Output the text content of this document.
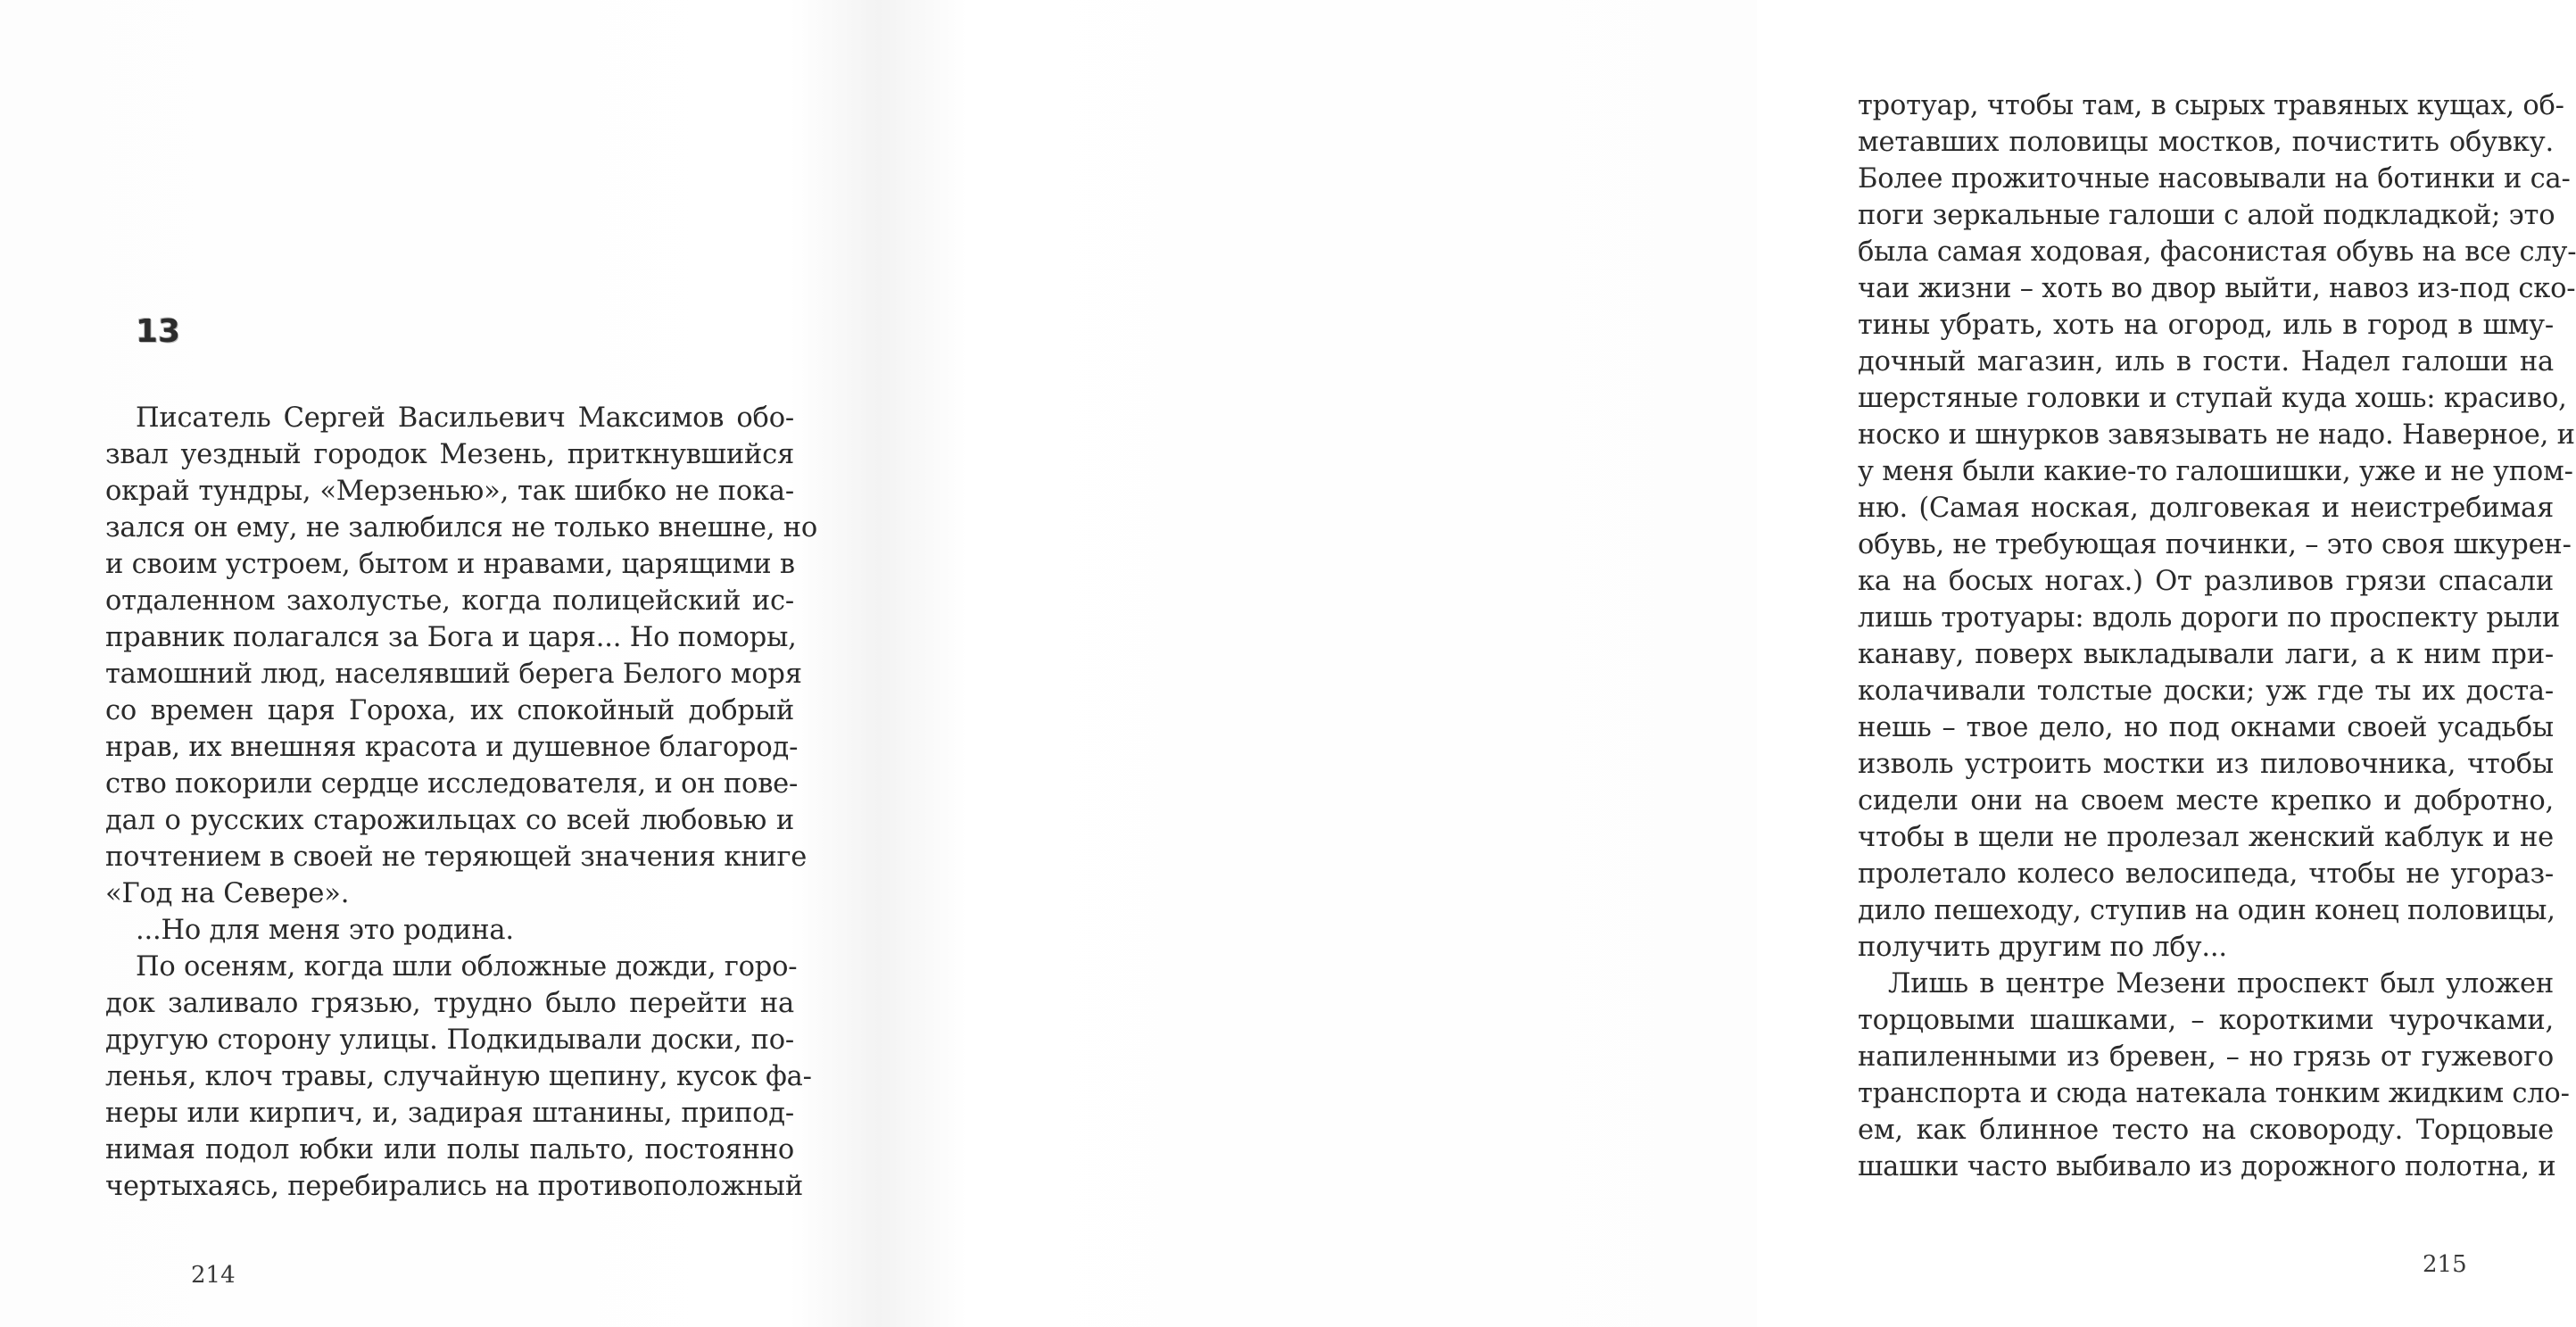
13
Писатель Сергей Васильевич Максимов обо-
звал уездный городок Мезень, приткнувшийся
окрай тундры, «Мерзенью», так шибко не пока-
зался он ему, не залюбился не только внешне, но
и своим устроем, бытом и нравами, царящими в
отдаленном захолустье, когда полицейский ис-
правник полагался за Бога и царя... Но поморы,
тамошний люд, населявший берега Белого моря
со времен царя Гороха, их спокойный добрый
нрав, их внешняя красота и душевное благород-
ство покорили сердце исследователя, и он пове-
дал о русских старожильцах со всей любовью и
почтением в своей не теряющей значения книге
«Год на Севере».
...Но для меня это родина.
По осеням, когда шли обложные дожди, горо-
док заливало грязью, трудно было перейти на
другую сторону улицы. Подкидывали доски, по-
ленья, клоч травы, случайную щепину, кусок фа-
неры или кирпич, и, задирая штанины, припод-
нимая подол юбки или полы пальто, постоянно
чертыхаясь, перебирались на противоположный
214
тротуар, чтобы там, в сырых травяных кущах, об-
метавших половицы мостков, почистить обувку.
Более прожиточные насовывали на ботинки и са-
поги зеркальные галоши с алой подкладкой; это
была самая ходовая, фасонистая обувь на все слу-
чаи жизни – хоть во двор выйти, навоз из-под ско-
тины убрать, хоть на огород, иль в город в шму-
дочный магазин, иль в гости. Надел галоши на
шерстяные головки и ступай куда хошь: красиво,
носко и шнурков завязывать не надо. Наверное, и
у меня были какие-то галошишки, уже и не упом-
ню. (Самая ноская, долговекая и неистребимая
обувь, не требующая починки, – это своя шкурен-
ка на босых ногах.) От разливов грязи спасали
лишь тротуары: вдоль дороги по проспекту рыли
канаву, поверх выкладывали лаги, а к ним при-
колачивали толстые доски; уж где ты их доста-
нешь – твое дело, но под окнами своей усадьбы
изволь устроить мостки из пиловочника, чтобы
сидели они на своем месте крепко и добротно,
чтобы в щели не пролезал женский каблук и не
пролетало колесо велосипеда, чтобы не угораз-
дило пешеходу, ступив на один конец половицы,
получить другим по лбу...
Лишь в центре Мезени проспект был уложен
торцовыми шашками, – короткими чурочками,
напиленными из бревен, – но грязь от гужевого
транспорта и сюда натекала тонким жидким сло-
ем, как блинное тесто на сковороду. Торцовые
шашки часто выбивало из дорожного полотна, и
215
